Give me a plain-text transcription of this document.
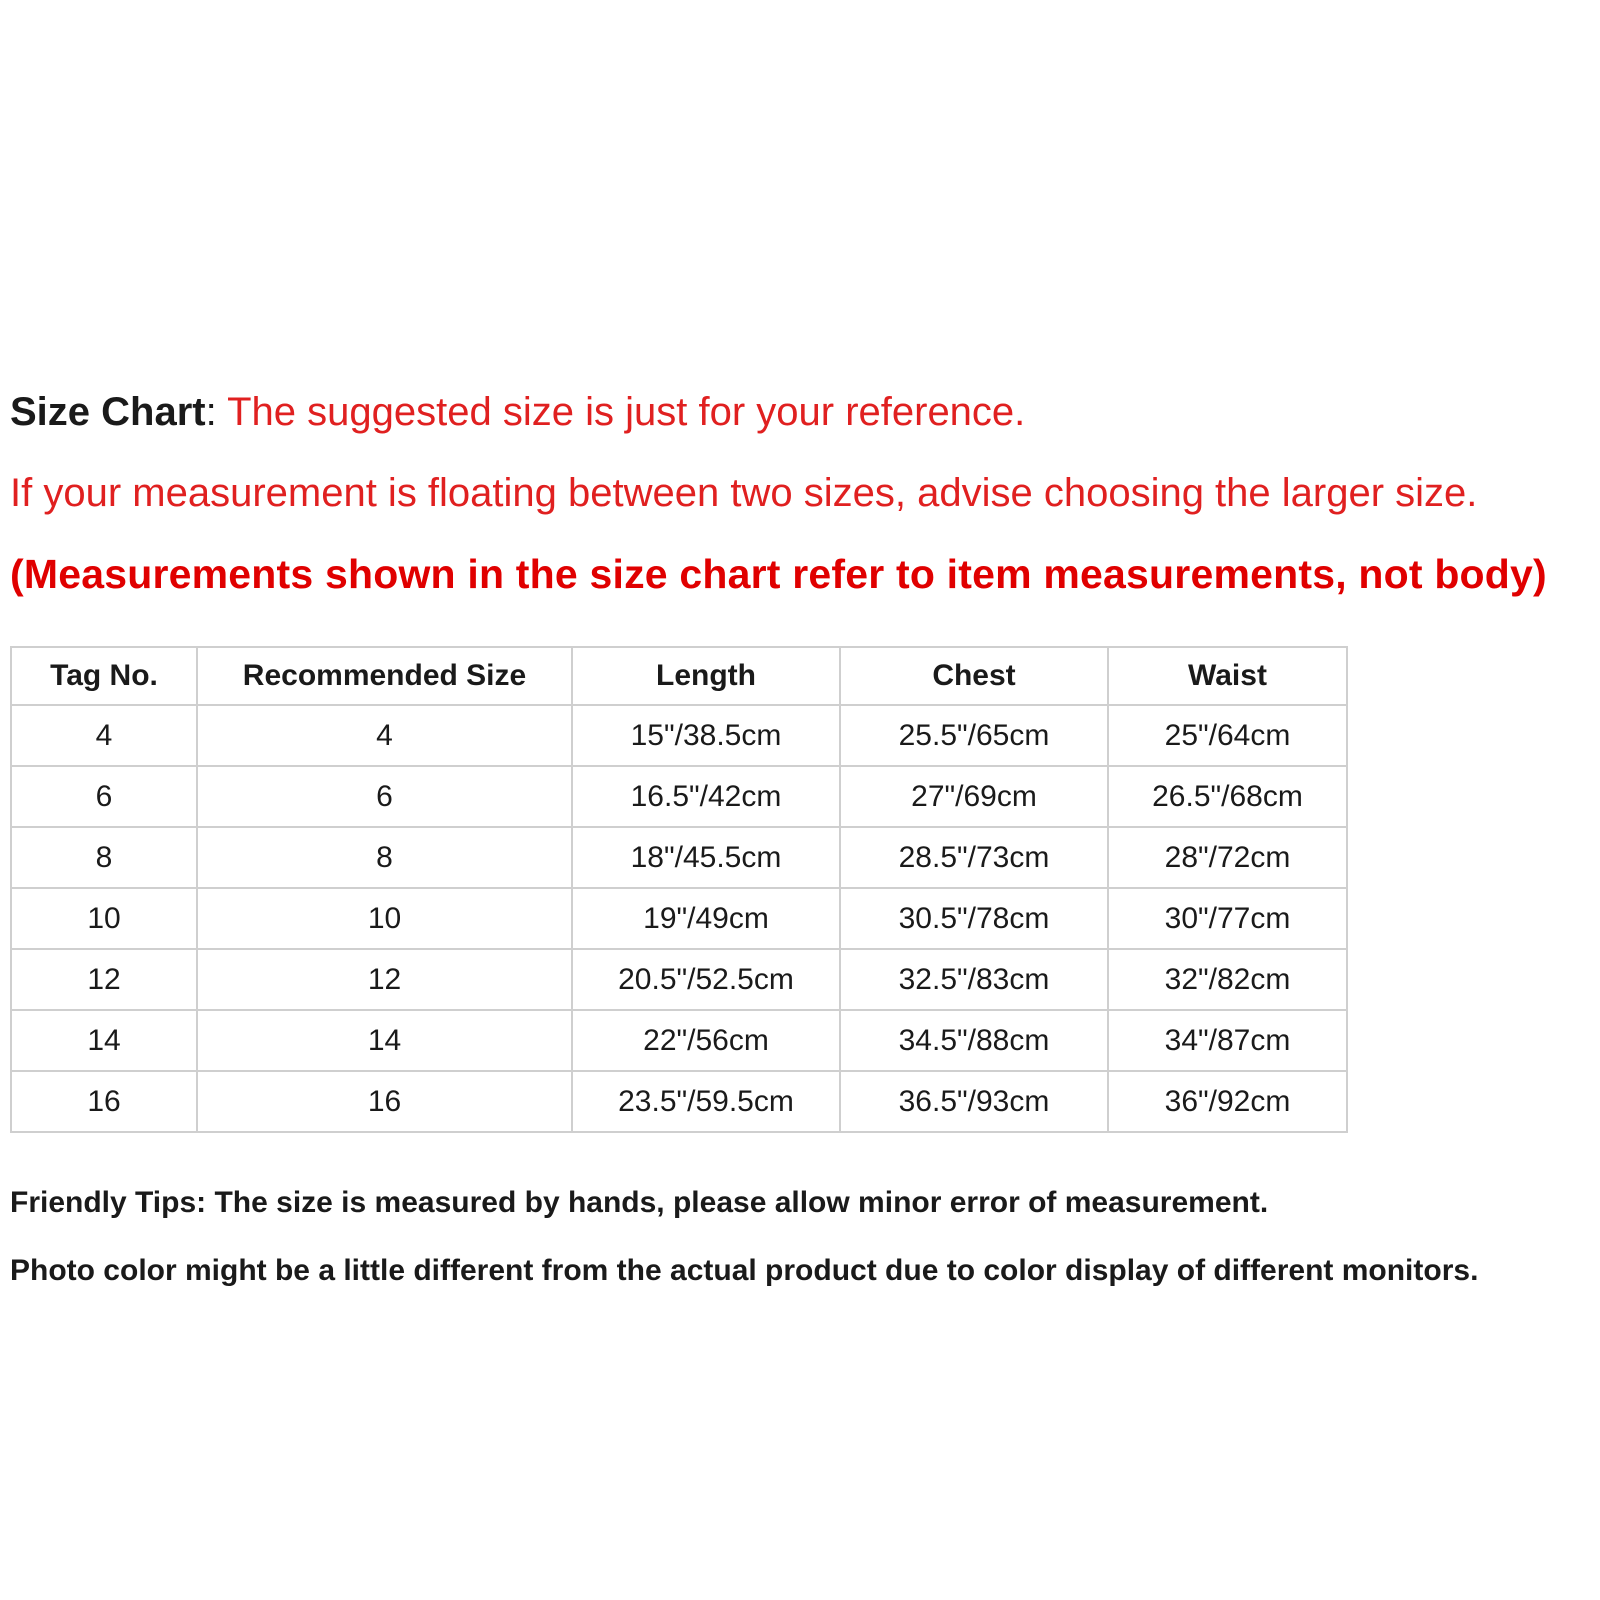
Size Chart: The suggested size is just for your reference.
If your measurement is floating between two sizes, advise choosing the larger size.
(Measurements shown in the size chart refer to item measurements, not body)
Tag No.	Recommended Size	Length	Chest	Waist
4	4	15"/38.5cm	25.5"/65cm	25"/64cm
6	6	16.5"/42cm	27"/69cm	26.5"/68cm
8	8	18"/45.5cm	28.5"/73cm	28"/72cm
10	10	19"/49cm	30.5"/78cm	30"/77cm
12	12	20.5"/52.5cm	32.5"/83cm	32"/82cm
14	14	22"/56cm	34.5"/88cm	34"/87cm
16	16	23.5"/59.5cm	36.5"/93cm	36"/92cm
Friendly Tips: The size is measured by hands, please allow minor error of measurement.
Photo color might be a little different from the actual product due to color display of different monitors.
